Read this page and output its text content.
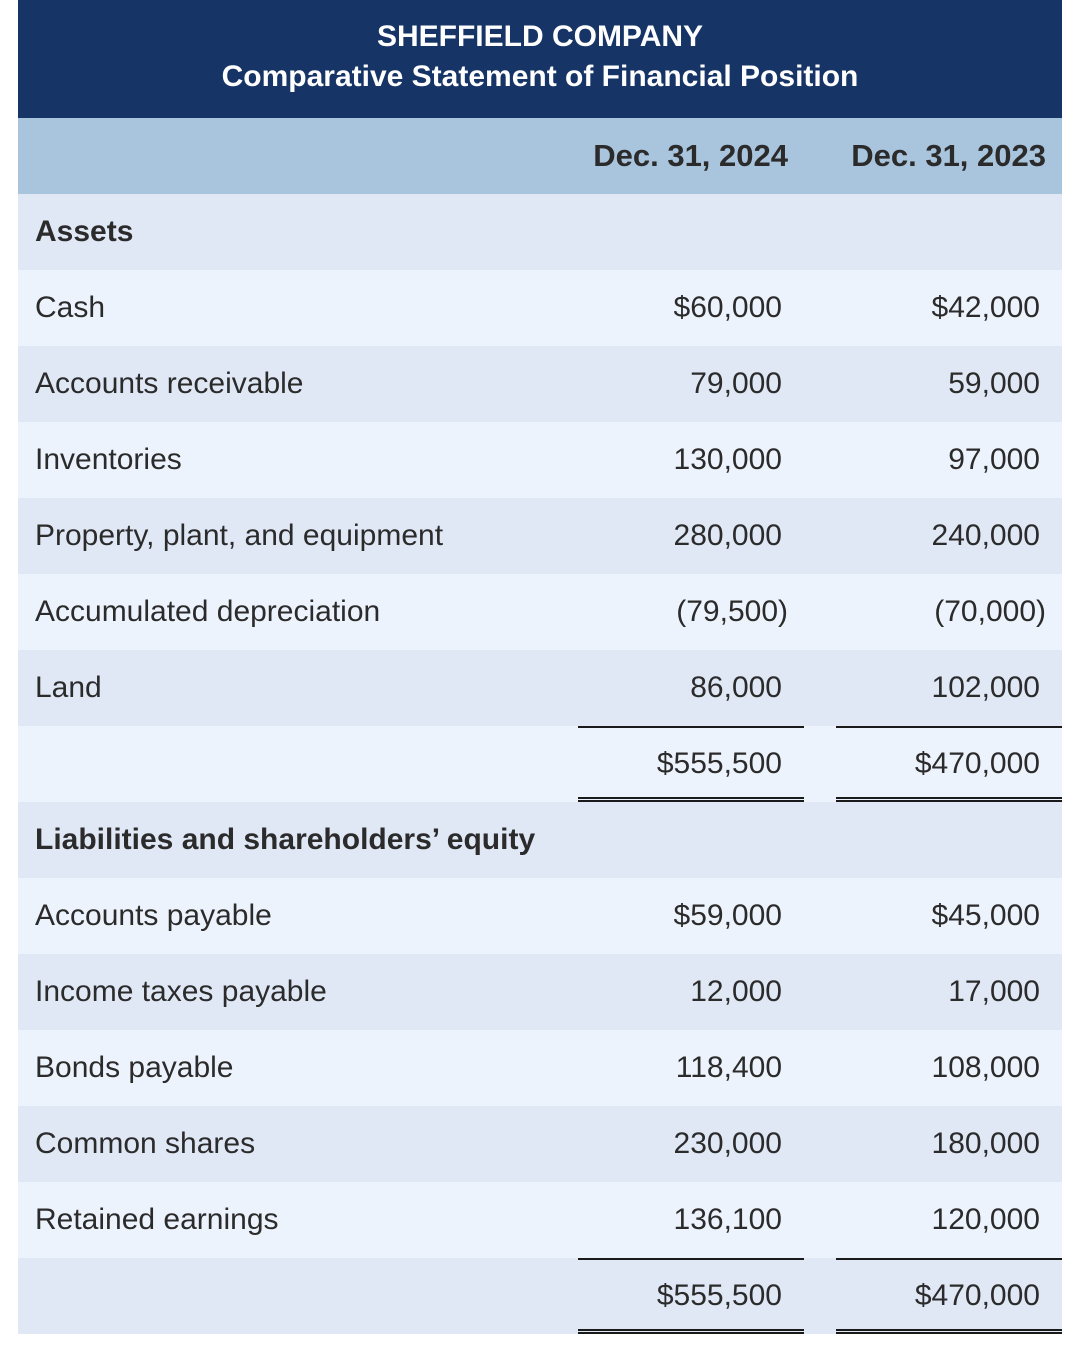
SHEFFIELD COMPANY
Comparative Statement of Financial Position
Dec. 31, 2024 Dec. 31, 2023
Assets
Cash	$60,000	$42,000
Accounts receivable	79,000	59,000
Inventories	130,000	97,000
Property, plant, and equipment	280,000	240,000
Accumulated depreciation	(79,500)	(70,000)
Land	86,000	102,000
$555,500	$470,000
Liabilities and shareholders’ equity
Accounts payable	$59,000	$45,000
Income taxes payable	12,000	17,000
Bonds payable	118,400	108,000
Common shares	230,000	180,000
Retained earnings	136,100	120,000
$555,500	$470,000
